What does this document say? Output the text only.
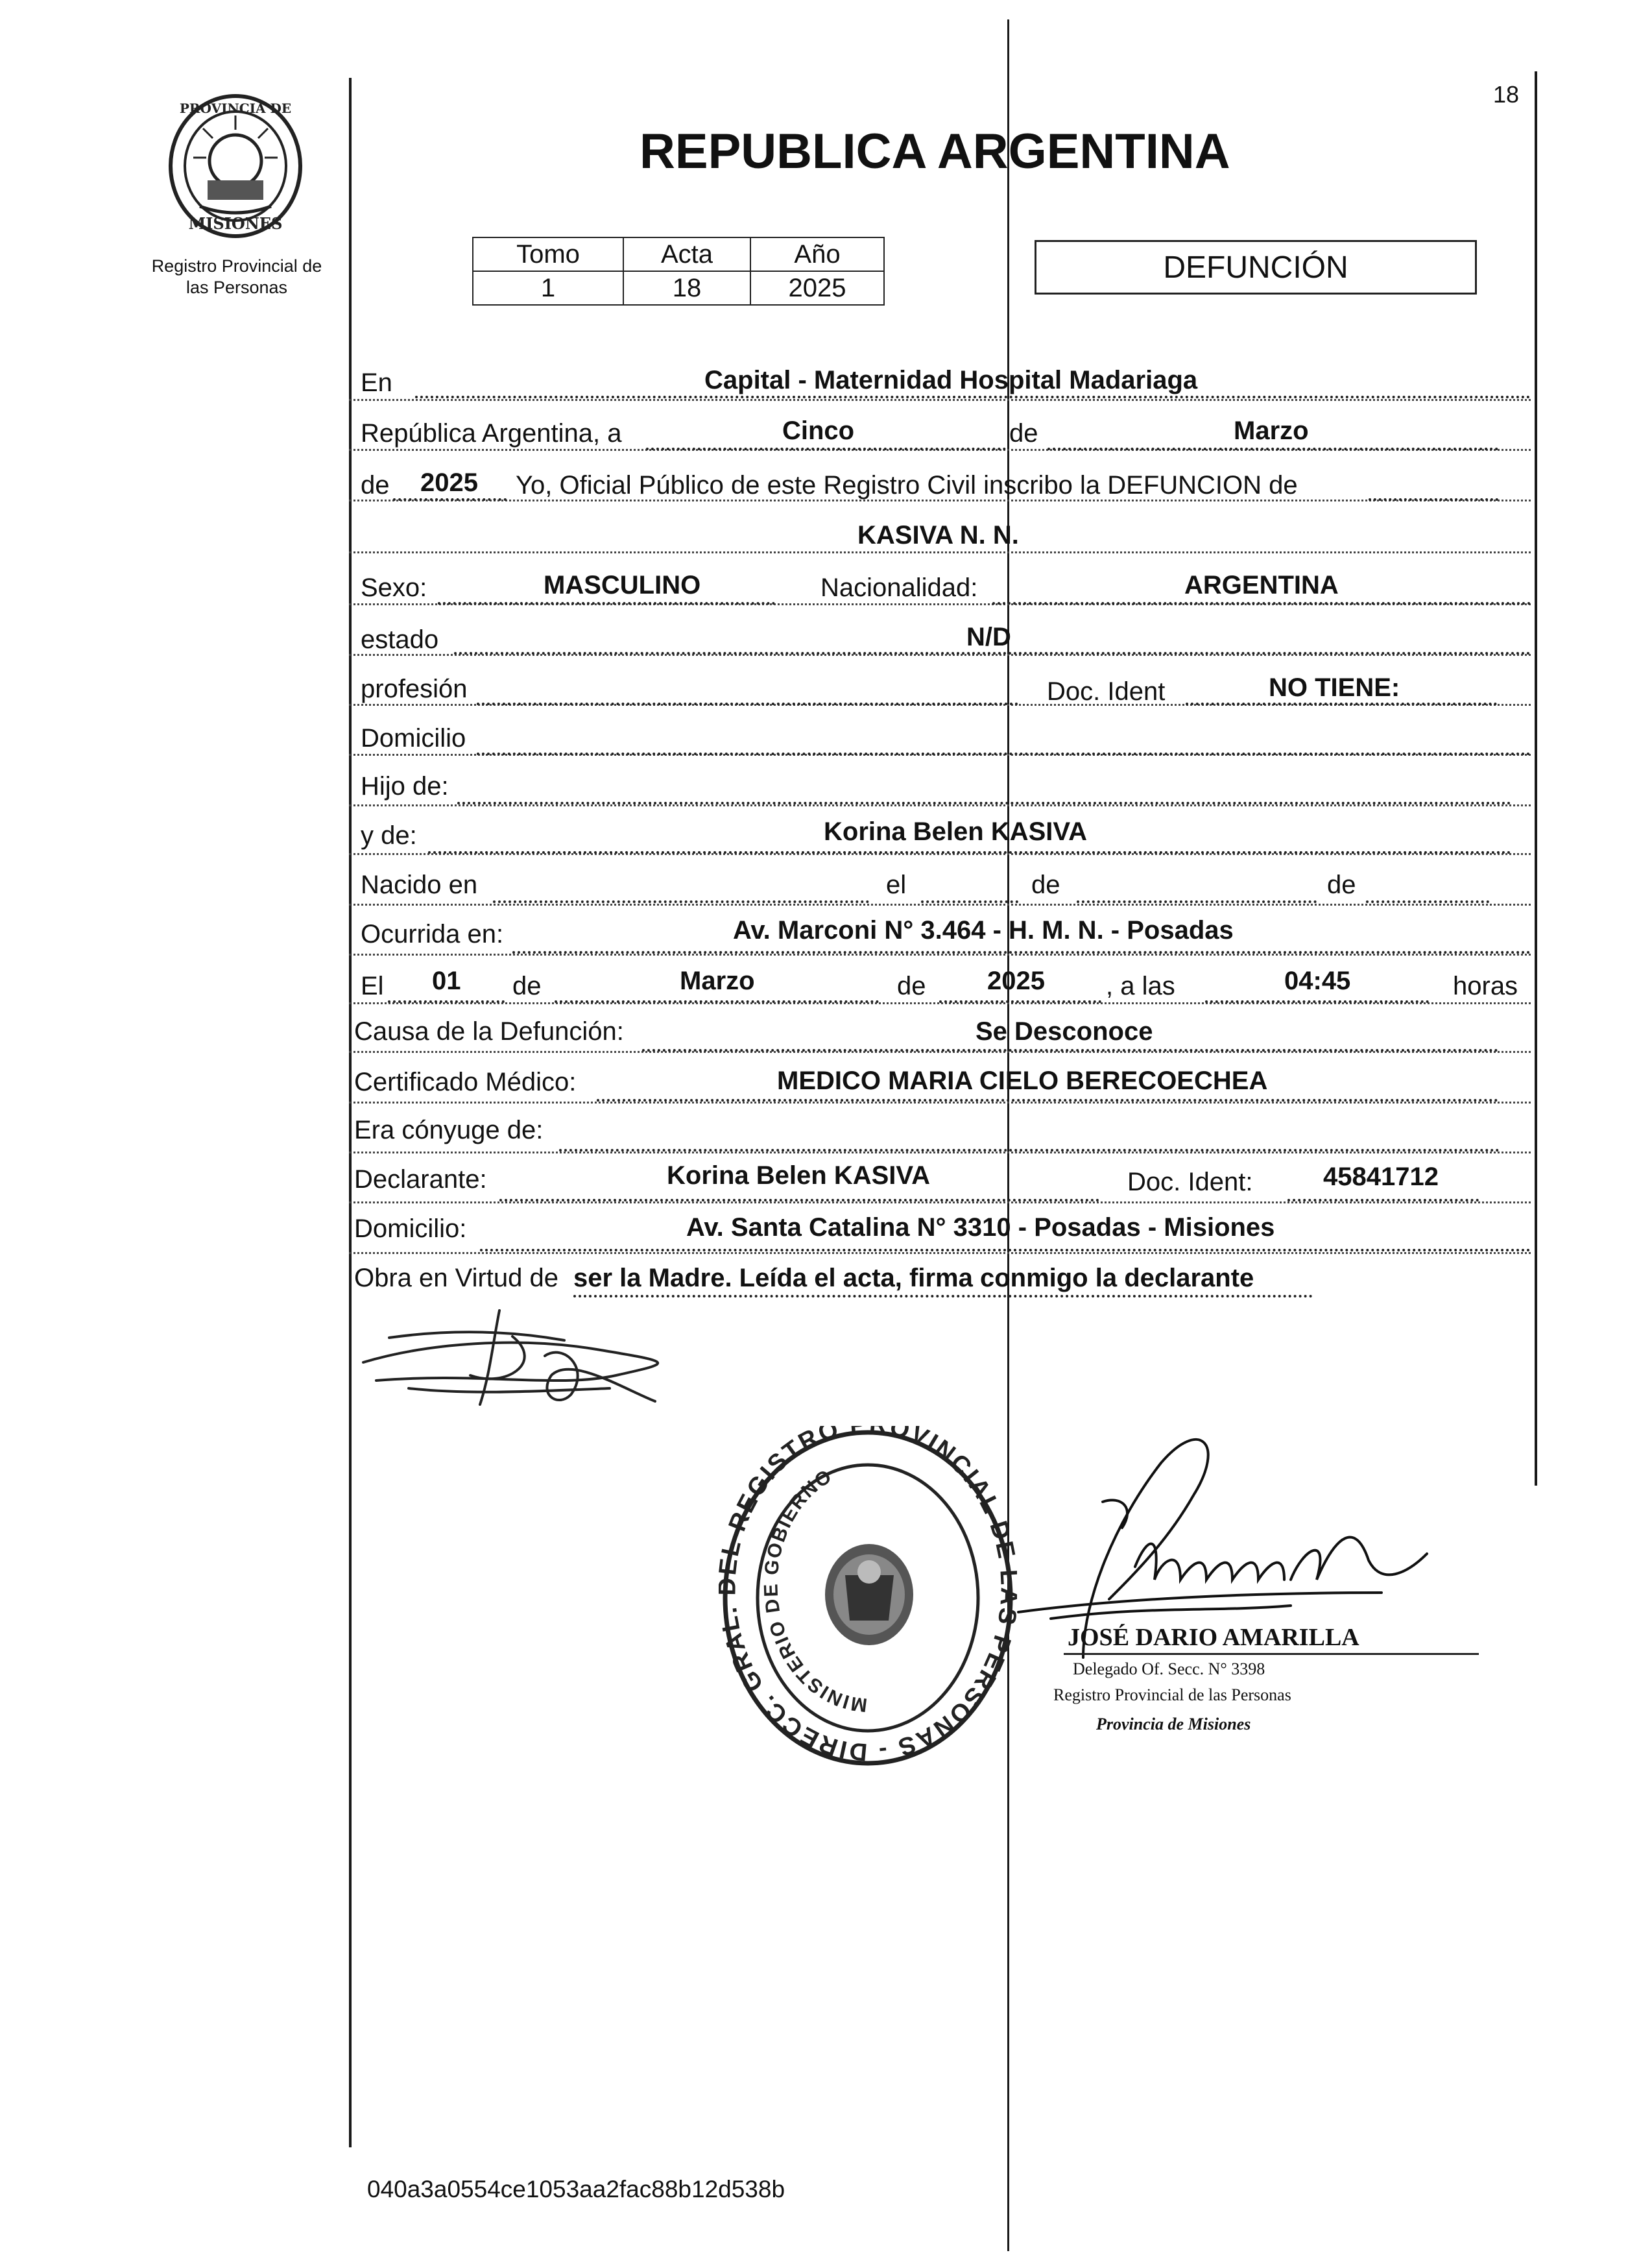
PROVINCIA DE
MISIONES
Registro Provincial de
las Personas
18
REPUBLICA ARGENTINA
Tomo	Acta	Año
1	18	2025
DEFUNCIÓN
En	Capital - Maternidad Hospital Madariaga
República Argentina, a	Cinco	de	Marzo
de 2025 Yo, Oficial Público de este Registro Civil inscribo la DEFUNCION de
KASIVA N. N.
Sexo:	MASCULINO	Nacionalidad:	ARGENTINA
estado	N/D
profesión	Doc. Ident	NO TIENE:
Domicilio
Hijo de:
y de:	Korina Belen KASIVA
Nacido en	el	de	de
Ocurrida en:	Av. Marconi N° 3.464 - H. M. N. - Posadas
El 01 de	Marzo	de 2025 , a las	04:45	horas
Causa de la Defunción:	Se Desconoce
Certificado Médico:	MEDICO MARIA CIELO BERECOECHEA
Era cónyuge de:
Declarante:	Korina Belen KASIVA	Doc. Ident:	45841712
Domicilio:	Av. Santa Catalina N° 3310 - Posadas - Misiones
Obra en Virtud de ser la Madre. Leída el acta, firma conmigo la declarante
DIRECC. GRAL L REGISTRO OVINCIAL D PERSONAS -
MINISTERIO DE GOBIERNO
JOSÉ DARIO AMARILLA
Delegado Of. Secc. N° 3398
Registro Provincial de las Personas
Provincia de Misiones
040a3a0554ce1053aa2fac88b12d538b
